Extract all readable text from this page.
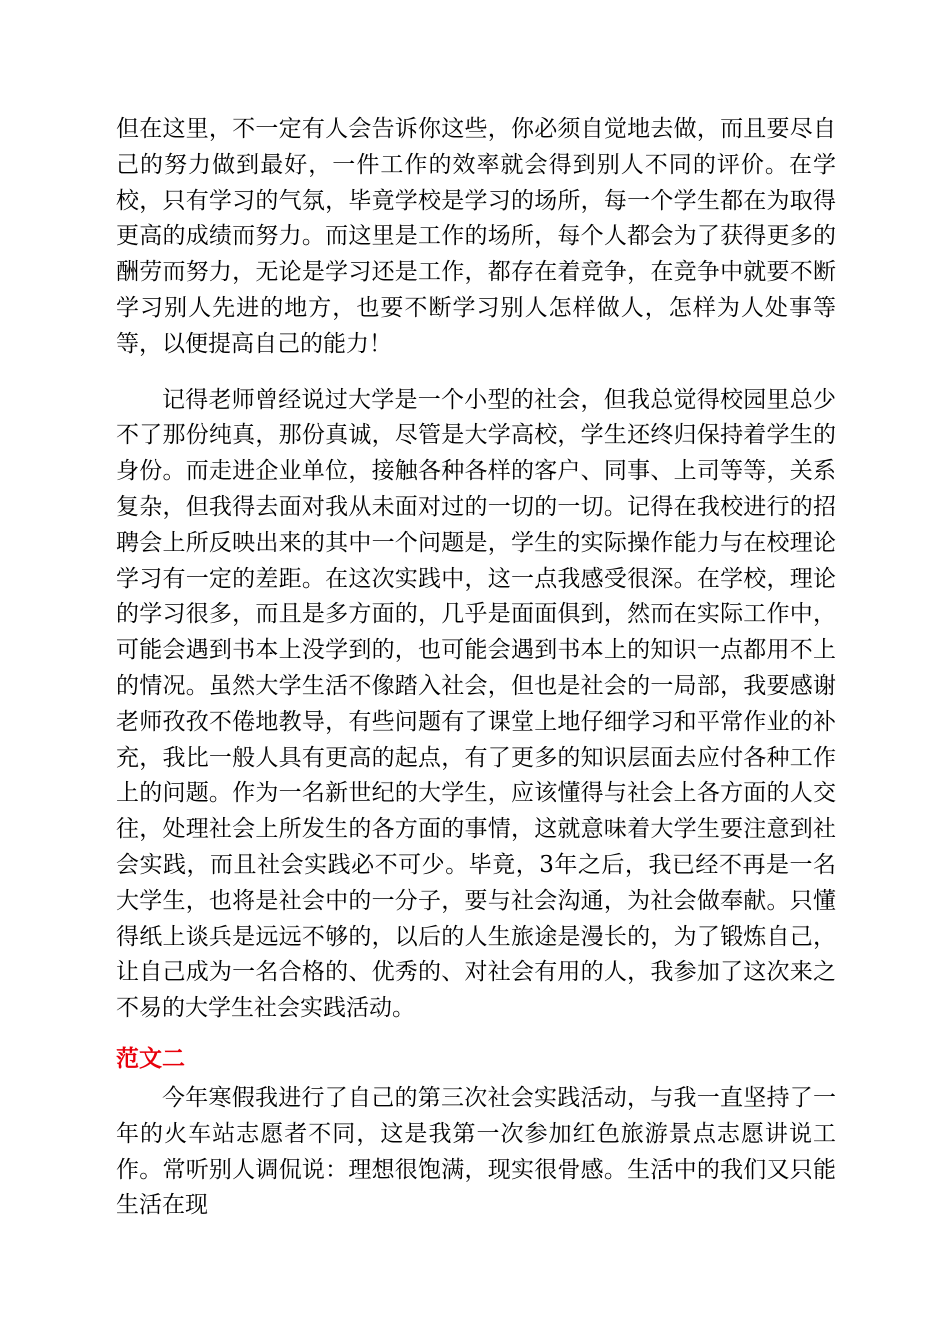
但在这里，不一定有人会告诉你这些，你必须自觉地去做，而且要尽自己的努力做到最好，一件工作的效率就会得到别人不同的评价。在学校，只有学习的气氛，毕竟学校是学习的场所，每一个学生都在为取得更高的成绩而努力。而这里是工作的场所，每个人都会为了获得更多的酬劳而努力，无论是学习还是工作，都存在着竞争，在竞争中就要不断学习别人先进的地方，也要不断学习别人怎样做人，怎样为人处事等等，以便提高自己的能力！

记得老师曾经说过大学是一个小型的社会，但我总觉得校园里总少不了那份纯真，那份真诚，尽管是大学高校，学生还终归保持着学生的身份。而走进企业单位，接触各种各样的客户、同事、上司等等，关系复杂，但我得去面对我从未面对过的一切的一切。记得在我校进行的招聘会上所反映出来的其中一个问题是，学生的实际操作能力与在校理论学习有一定的差距。在这次实践中，这一点我感受很深。在学校，理论的学习很多，而且是多方面的，几乎是面面俱到，然而在实际工作中，可能会遇到书本上没学到的，也可能会遇到书本上的知识一点都用不上的情况。虽然大学生活不像踏入社会，但也是社会的一局部，我要感谢老师孜孜不倦地教导，有些问题有了课堂上地仔细学习和平常作业的补充，我比一般人具有更高的起点，有了更多的知识层面去应付各种工作上的问题。作为一名新世纪的大学生，应该懂得与社会上各方面的人交往，处理社会上所发生的各方面的事情，这就意味着大学生要注意到社会实践，而且社会实践必不可少。毕竟，3年之后，我已经不再是一名大学生，也将是社会中的一分子，要与社会沟通，为社会做奉献。只懂得纸上谈兵是远远不够的，以后的人生旅途是漫长的，为了锻炼自己，让自己成为一名合格的、优秀的、对社会有用的人，我参加了这次来之不易的大学生社会实践活动。

范文二

今年寒假我进行了自己的第三次社会实践活动，与我一直坚持了一年的火车站志愿者不同，这是我第一次参加红色旅游景点志愿讲说工作。常听别人调侃说：理想很饱满，现实很骨感。生活中的我们又只能生活在现
